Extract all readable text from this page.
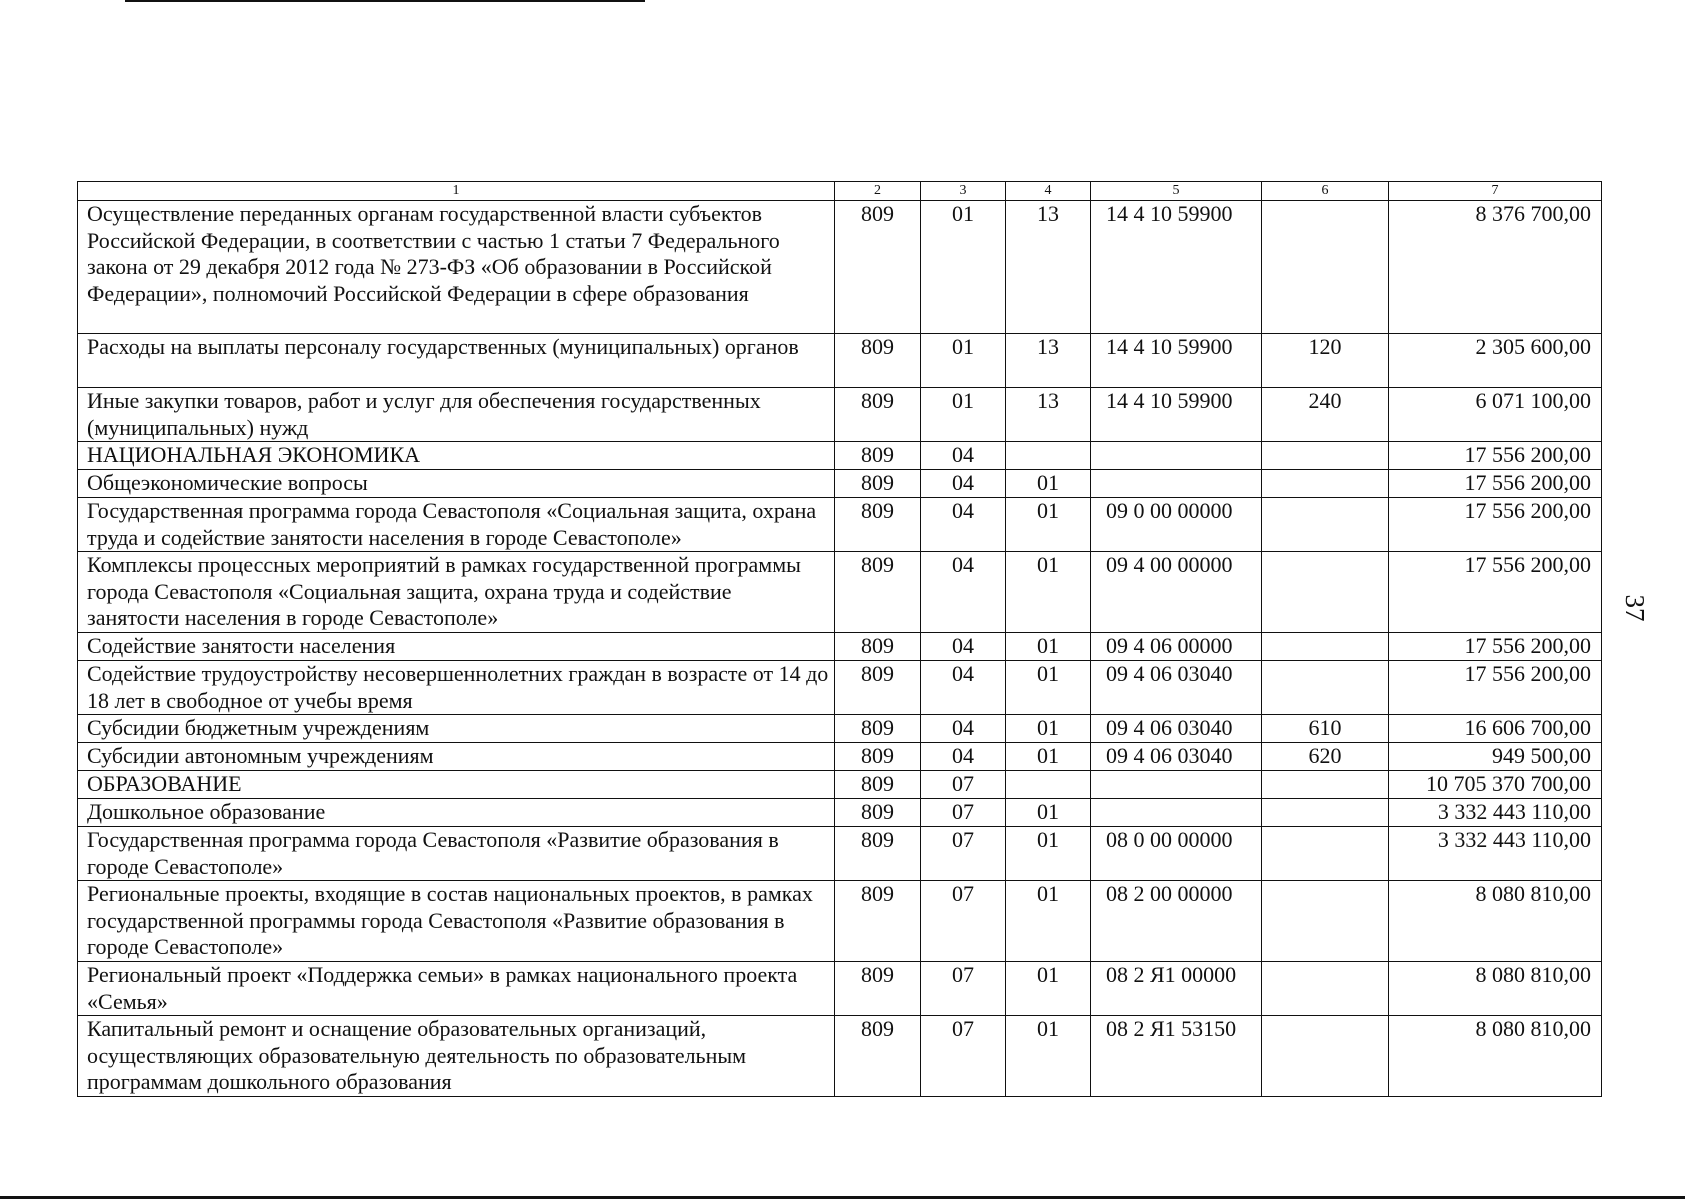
1	2	3	4	5	6	7
Осуществление переданных органам государственной власти субъектов Российской Федерации, в соответствии с частью 1 статьи 7 Федерального закона от 29 декабря 2012 года № 273-ФЗ «Об образовании в Российской Федерации», полномочий Российской Федерации в сфере образования	809	01	13	14 4 10 59900		8 376 700,00
Расходы на выплаты персоналу государственных (муниципальных) органов	809	01	13	14 4 10 59900	120	2 305 600,00
Иные закупки товаров, работ и услуг для обеспечения государственных (муниципальных) нужд	809	01	13	14 4 10 59900	240	6 071 100,00
НАЦИОНАЛЬНАЯ ЭКОНОМИКА	809	04				17 556 200,00
Общеэкономические вопросы	809	04	01			17 556 200,00
Государственная программа города Севастополя «Социальная защита, охрана труда и содействие занятости населения в городе Севастополе»	809	04	01	09 0 00 00000		17 556 200,00
Комплексы процессных мероприятий в рамках государственной программы города Севастополя «Социальная защита, охрана труда и содействие занятости населения в городе Севастополе»	809	04	01	09 4 00 00000		17 556 200,00
Содействие занятости населения	809	04	01	09 4 06 00000		17 556 200,00
Содействие трудоустройству несовершеннолетних граждан в возрасте от 14 до 18 лет в свободное от учебы время	809	04	01	09 4 06 03040		17 556 200,00
Субсидии бюджетным учреждениям	809	04	01	09 4 06 03040	610	16 606 700,00
Субсидии автономным учреждениям	809	04	01	09 4 06 03040	620	949 500,00
ОБРАЗОВАНИЕ	809	07				10 705 370 700,00
Дошкольное образование	809	07	01			3 332 443 110,00
Государственная программа города Севастополя «Развитие образования в городе Севастополе»	809	07	01	08 0 00 00000		3 332 443 110,00
Региональные проекты, входящие в состав национальных проектов, в рамках государственной программы города Севастополя «Развитие образования в городе Севастополе»	809	07	01	08 2 00 00000		8 080 810,00
Региональный проект «Поддержка семьи» в рамках национального проекта «Семья»	809	07	01	08 2 Я1 00000		8 080 810,00
Капитальный ремонт и оснащение образовательных организаций, осуществляющих образовательную деятельность по образовательным программам дошкольного образования	809	07	01	08 2 Я1 53150		8 080 810,00
37
